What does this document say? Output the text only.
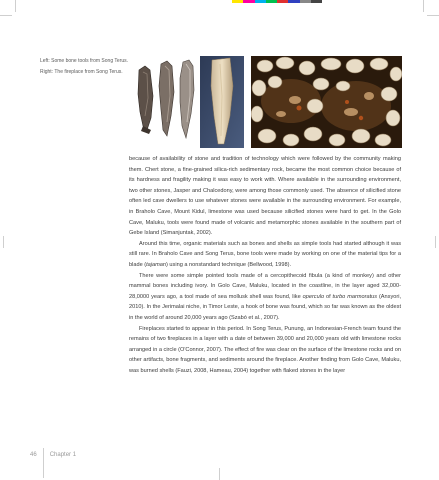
Left: Some bone tools from Song Terus.

Right: The fireplace from Song Terus.

because of availability of stone and tradition of technology which were followed by the community making them. Chert stone, a fine-grained silica-rich sedimentary rock, became the most common choice because of its hardness and fragility making it was easy to work with. Where available in the surrounding environment, two other stones, Jasper and Chalcedony, were among those commonly used. The absence of silicified stone often led cave dwellers to use whatever stones were available in the surrounding environment. For example, in Braholo Cave, Mount Kidul, limestone was used because silicified stones were hard to get. In the Golo Cave, Maluku, tools were found made of volcanic and metamorphic stones available in the southern part of Gebe Island (Simanjuntak, 2002).

Around this time, organic materials such as bones and shells as simple tools had started although it was still rare. In Braholo Cave and Song Terus, bone tools were made by working on one of the material tips for a blade (tajaman) using a nonstandard technique (Bellwood, 1998).

There were some simple pointed tools made of a cercopithecoid fibula (a kind of monkey) and other mammal bones including ivory. In Golo Cave, Maluku, located in the coastline, in the layer aged 32,000-28,0000 years ago, a tool made of sea mollusk shell was found, like operculo of turbo marmoratus (Ansyori, 2010). In the Jerimalai niche, in Timor Leste, a hook of bone was found, which so far was known as the oldest in the world of around 20,000 years ago (Szabó et al., 2007).

Fireplaces started to appear in this period. In Song Terus, Punung, an Indonesian-French team found the remains of two fireplaces in a layer with a date of between 39,000 and 20,000 years old with limestone rocks arranged in a circle (O'Connor, 2007). The effect of fire was clear on the surface of the limestone rocks and on other artifacts, bone fragments, and sediments around the fireplace. Another finding from Golo Cave, Maluku, was burned shells (Fauzi, 2008, Hameau, 2004) together with flaked stones in the layer

46 Chapter 1
